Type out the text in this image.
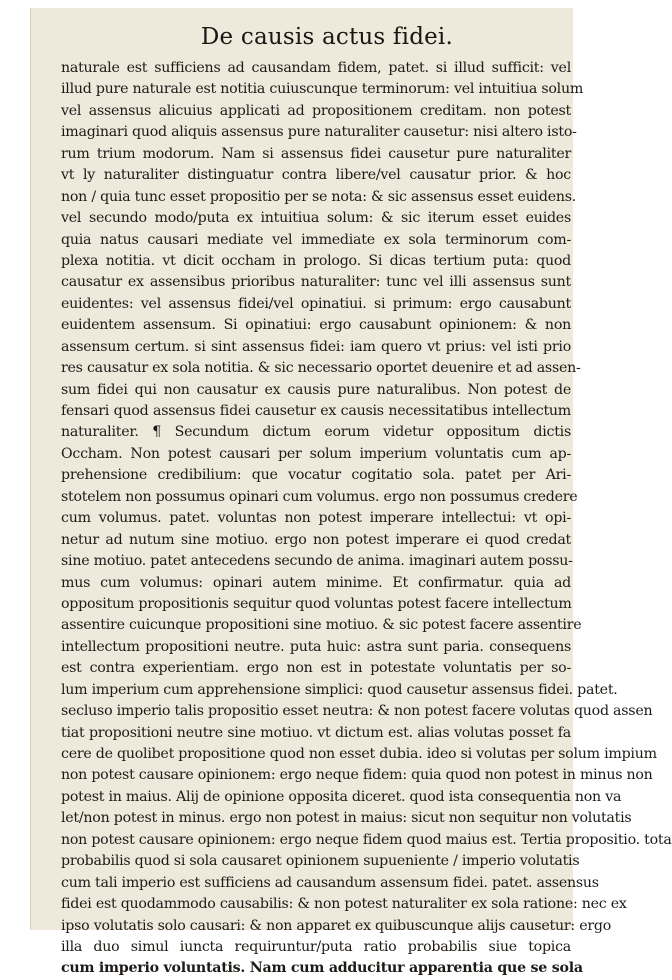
De causis actus fidei.
naturale est sufficiens ad causandam fidem, patet. si illud sufficit: vel
illud pure naturale est notitia cuiuscunque terminorum: vel intuitiua solum
vel assensus alicuius applicati ad propositionem creditam. non potest
imaginari quod aliquis assensus pure naturaliter causetur: nisi altero isto-
rum trium modorum. Nam si assensus fidei causetur pure naturaliter
vt ly naturaliter distinguatur contra libere/vel causatur prior. & hoc
non / quia tunc esset propositio per se nota: & sic assensus esset euidens.
vel secundo modo/puta ex intuitiua solum: & sic iterum esset euides
quia natus causari mediate vel immediate ex sola terminorum com-
plexa notitia. vt dicit occham in prologo. Si dicas tertium puta: quod
causatur ex assensibus prioribus naturaliter: tunc vel illi assensus sunt
euidentes: vel assensus fidei/vel opinatiui. si primum: ergo causabunt
euidentem assensum. Si opinatiui: ergo causabunt opinionem: & non
assensum certum. si sint assensus fidei: iam quero vt prius: vel isti prio
res causatur ex sola notitia. & sic necessario oportet deuenire et ad assen-
sum fidei qui non causatur ex causis pure naturalibus. Non potest de
fensari quod assensus fidei causetur ex causis necessitatibus intellectum
naturaliter. ¶ Secundum dictum eorum videtur oppositum dictis
Occham. Non potest causari per solum imperium voluntatis cum ap-
prehensione credibilium: que vocatur cogitatio sola. patet per Ari-
stotelem non possumus opinari cum volumus. ergo non possumus credere
cum volumus. patet. voluntas non potest imperare intellectui: vt opi-
netur ad nutum sine motiuo. ergo non potest imperare ei quod credat
sine motiuo. patet antecedens secundo de anima. imaginari autem possu-
mus cum volumus: opinari autem minime. Et confirmatur. quia ad
oppositum propositionis sequitur quod voluntas potest facere intellectum
assentire cuicunque propositioni sine motiuo. & sic potest facere assentire
intellectum propositioni neutre. puta huic: astra sunt paria. consequens
est contra experientiam. ergo non est in potestate voluntatis per so-
lum imperium cum apprehensione simplici: quod causetur assensus fidei. patet.
secluso imperio talis propositio esset neutra: & non potest facere volutas quod assen
tiat propositioni neutre sine motiuo. vt dictum est. alias volutas posset fa
cere de quolibet propositione quod non esset dubia. ideo si volutas per solum impium
non potest causare opinionem: ergo neque fidem: quia quod non potest in minus non
potest in maius. Alij de opinione opposita diceret. quod ista consequentia non va
let/non potest in minus. ergo non potest in maius: sicut non sequitur non volutatis
non potest causare opinionem: ergo neque fidem quod maius est. Tertia propositio. tota
probabilis quod si sola causaret opinionem supueniente / imperio volutatis
cum tali imperio est sufficiens ad causandum assensum fidei. patet. assensus
fidei est quodammodo causabilis: & non potest naturaliter ex sola ratione: nec ex
ipso volutatis solo causari: & non apparet ex quibuscunque alijs causetur: ergo
illa duo simul iuncta requiruntur/puta ratio probabilis siue topica
cum imperio voluntatis. Nam cum adducitur apparentia que se sola
